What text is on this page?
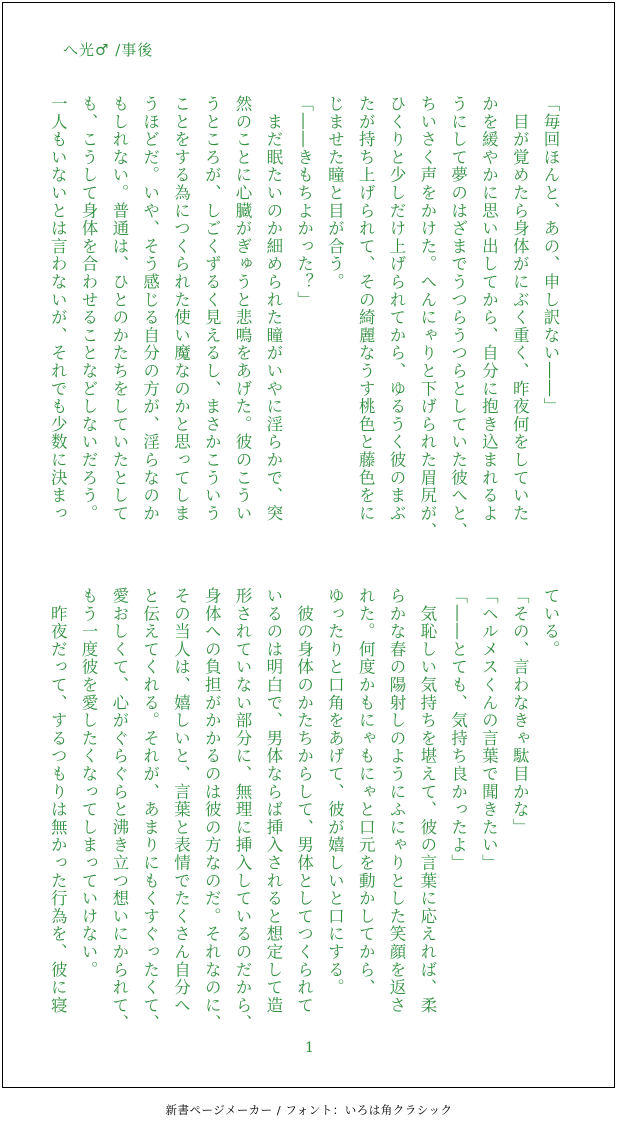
へ光♂ /事後
「毎回ほんと、あの、申し訳ない――」
　目が覚めたら身体がにぶく重く、昨夜何をしていた
かを緩やかに思い出してから、自分に抱き込まれるよ
うにして夢のはざまでうつらうつらとしていた彼へと、
ちいさく声をかけた。へんにゃりと下げられた眉尻が、
ひくりと少しだけ上げられてから、ゆるうく彼のまぶ
たが持ち上げられて、その綺麗なうす桃色と藤色をに
じませた瞳と目が合う。
「――きもちよかった？」
　まだ眠たいのか細められた瞳がいやに淫らかで、突
然のことに心臓がぎゅうと悲鳴をあげた。彼のこうい
うところが、しごくずるく見えるし、まさかこういう
ことをする為につくられた使い魔なのかと思ってしま
うほどだ。いや、そう感じる自分の方が、淫らなのか
もしれない。普通は、ひとのかたちをしていたとして
も、こうして身体を合わせることなどしないだろう。
一人もいないとは言わないが、それでも少数に決まっ
ている。
「その、言わなきゃ駄目かな」
「ヘルメスくんの言葉で聞きたい」
「――とても、気持ち良かったよ」
　気恥しい気持ちを堪えて、彼の言葉に応えれば、柔
らかな春の陽射しのようにふにゃりとした笑顔を返さ
れた。何度かもにゃもにゃと口元を動かしてから、
ゆったりと口角をあげて、彼が嬉しいと口にする。
　彼の身体のかたちからして、男体としてつくられて
いるのは明白で、男体ならば挿入されると想定して造
形されていない部分に、無理に挿入しているのだから、
身体への負担がかかるのは彼の方なのだ。それなのに、
その当人は、嬉しいと、言葉と表情でたくさん自分へ
と伝えてくれる。それが、あまりにもくすぐったくて、
愛おしくて、心がぐらぐらと沸き立つ想いにかられて、
もう一度彼を愛したくなってしまっていけない。
　昨夜だって、するつもりは無かった行為を、彼に寝
1
新書ページメーカー / フォント：いろは角クラシック
